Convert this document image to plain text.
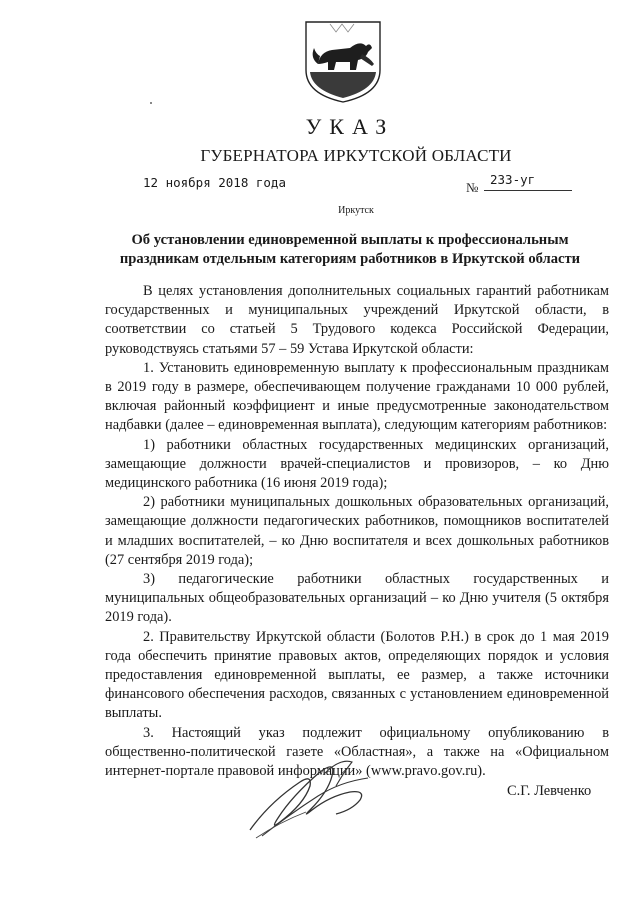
УКАЗ
ГУБЕРНАТОРА ИРКУТСКОЙ ОБЛАСТИ
12 ноября 2018 года	№
233-уг
Иркутск
Об установлении единовременной выплаты к профессиональным
праздникам отдельным категориям работников в Иркутской области

В целях установления дополнительных социальных гарантий работникам государственных и муниципальных учреждений Иркутской области, в соответствии со статьей 5 Трудового кодекса Российской Федерации, руководствуясь статьями 57 – 59 Устава Иркутской области:

1. Установить единовременную выплату к профессиональным праздникам в 2019 году в размере, обеспечивающем получение гражданами 10 000 рублей, включая районный коэффициент и иные предусмотренные законодательством надбавки (далее – единовременная выплата), следующим категориям работников:

1) работники областных государственных медицинских организаций, замещающие должности врачей-специалистов и провизоров, – ко Дню медицинского работника (16 июня 2019 года);

2) работники муниципальных дошкольных образовательных организаций, замещающие должности педагогических работников, помощников воспитателей и младших воспитателей, – ко Дню воспитателя и всех дошкольных работников (27 сентября 2019 года);

3) педагогические работники областных государственных и муниципальных общеобразовательных организаций – ко Дню учителя (5 октября 2019 года).

2. Правительству Иркутской области (Болотов Р.Н.) в срок до 1 мая 2019 года обеспечить принятие правовых актов, определяющих порядок и условия предоставления единовременной выплаты, ее размер, а также источники финансового обеспечения расходов, связанных с установлением единовременной выплаты.

3. Настоящий указ подлежит официальному опубликованию в общественно-политической газете «Областная», а также на «Официальном интернет-портале правовой информации» (www.pravo.gov.ru).

С.Г. Левченко
